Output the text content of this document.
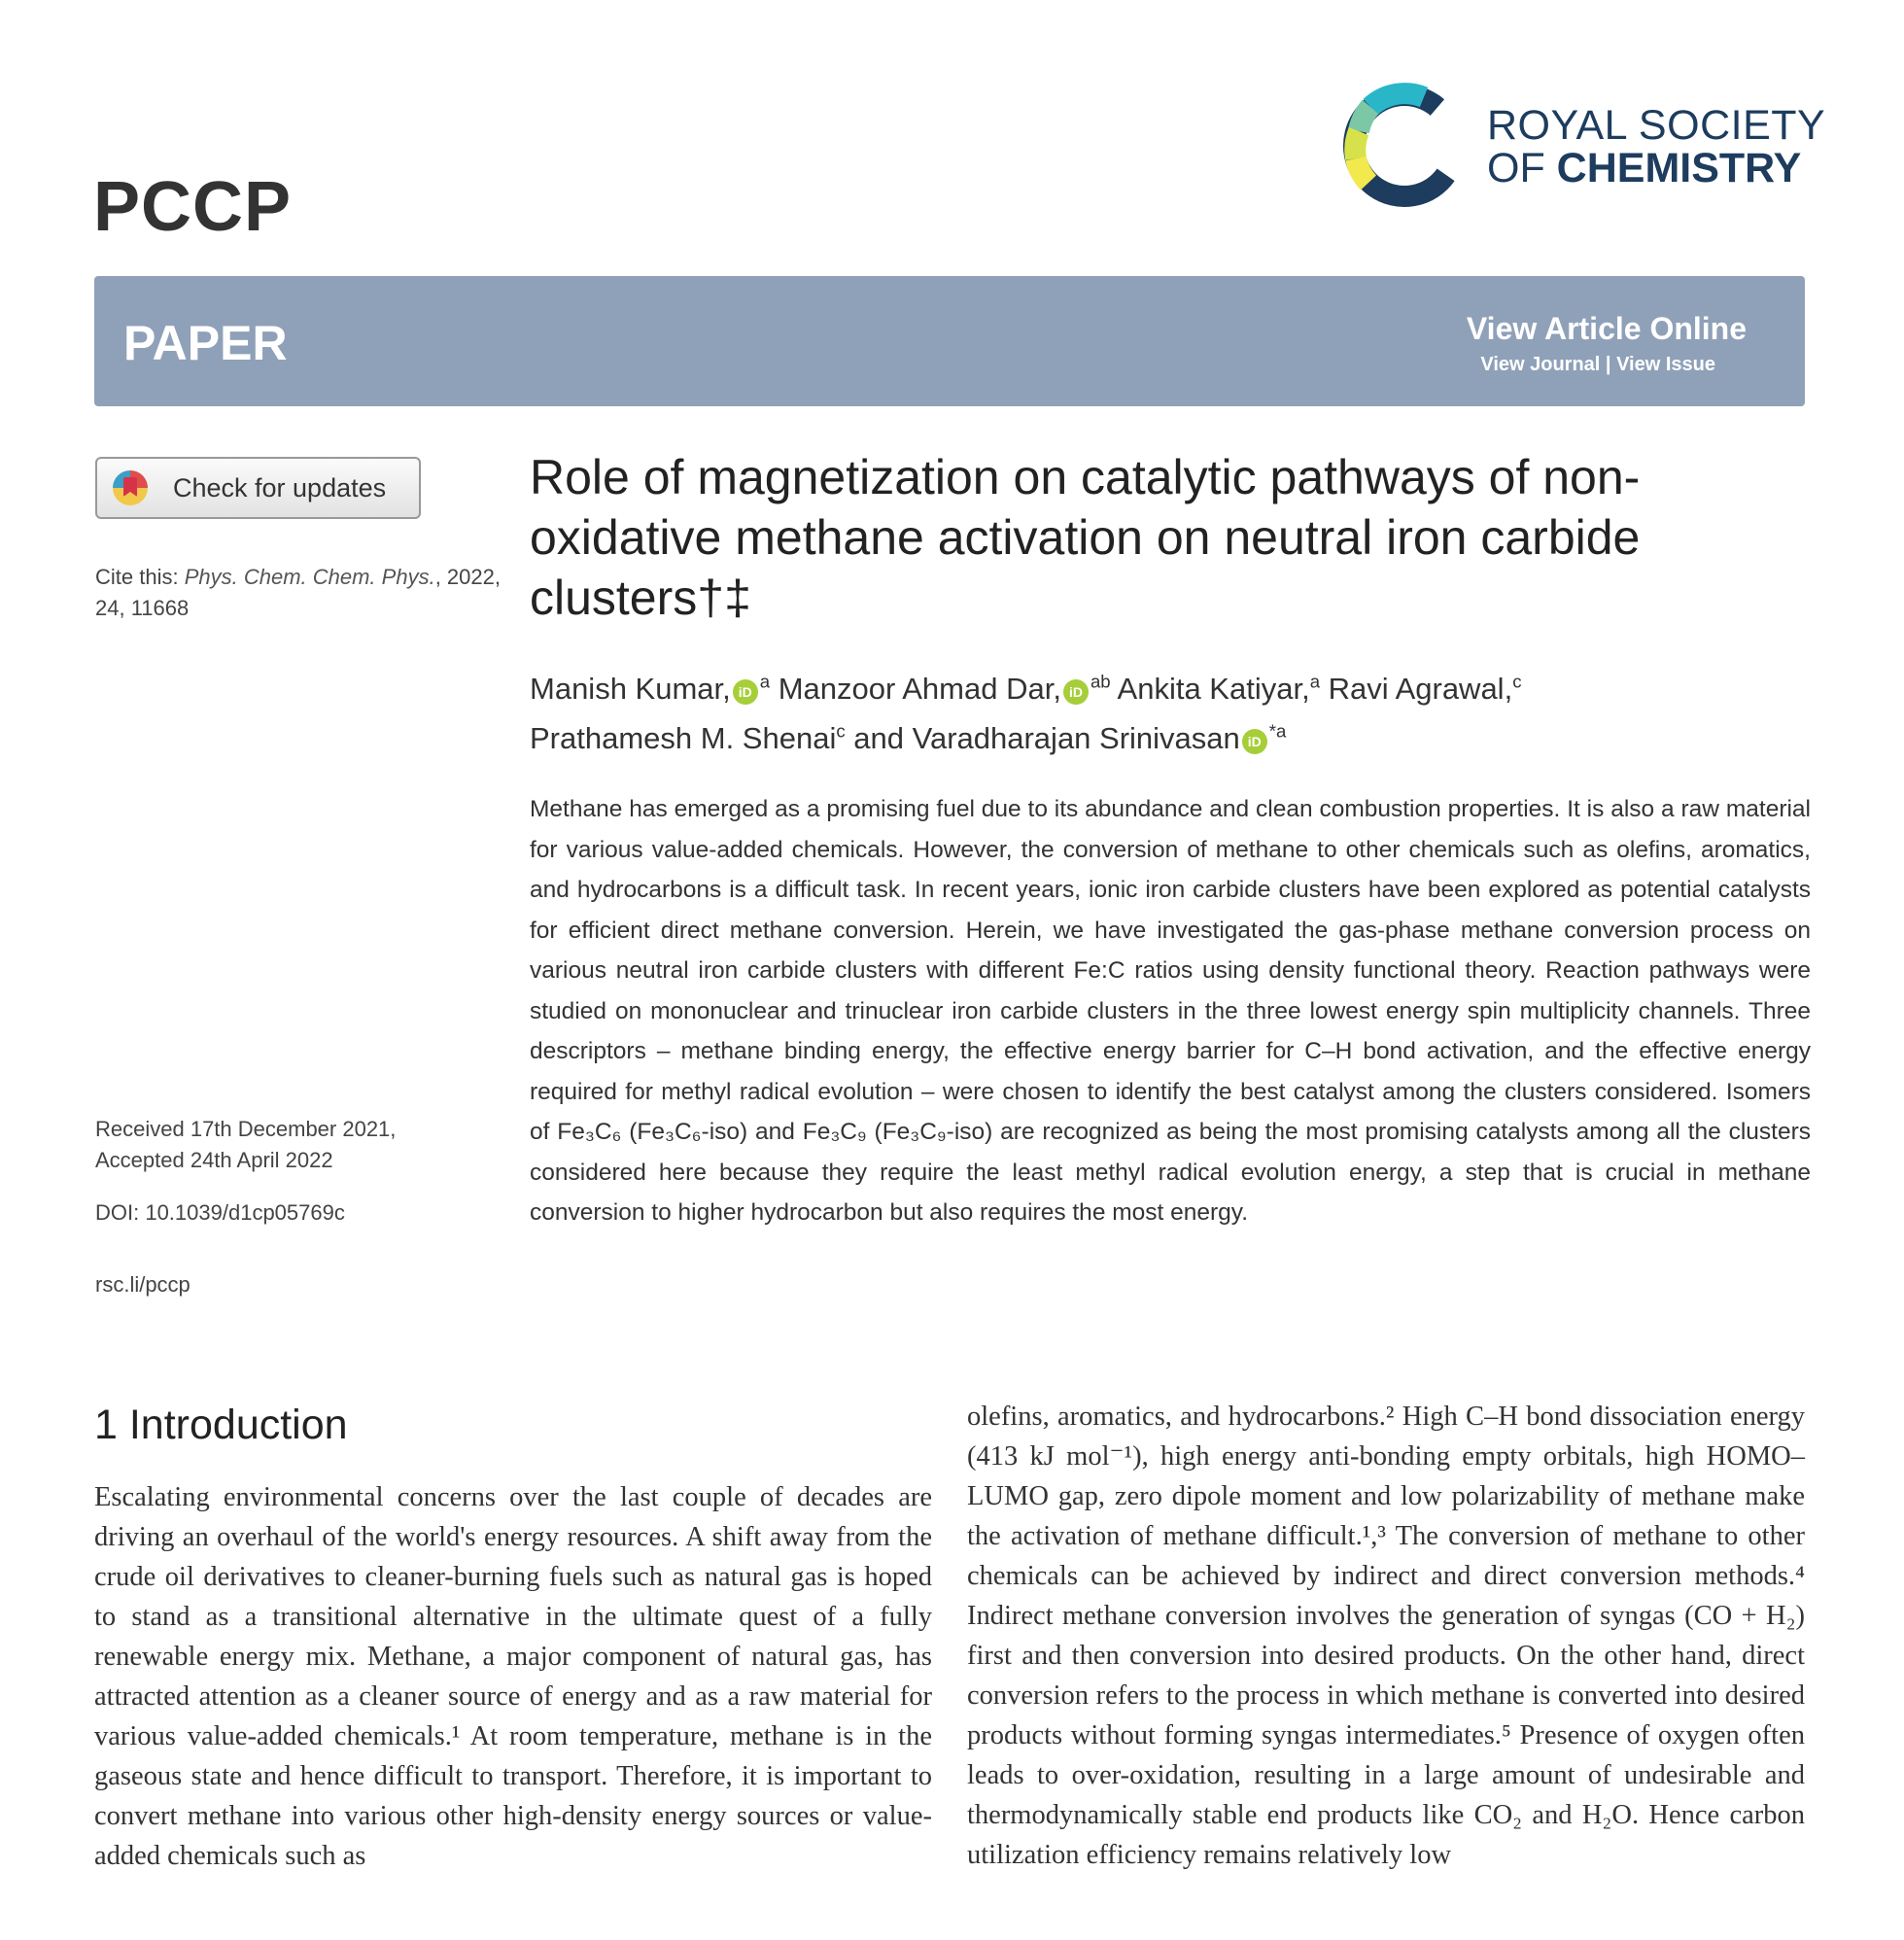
PCCP
ROYAL SOCIETY
OF CHEMISTRY
PAPER	View Article Online
View Journal | View Issue
Check for updates
Cite this: Phys. Chem. Chem. Phys., 2022, 24, 11668
Received 17th December 2021,
Accepted 24th April 2022
DOI: 10.1039/d1cp05769c
rsc.li/pccp
Role of magnetization on catalytic pathways of non-oxidative methane activation on neutral iron carbide clusters†‡
Manish Kumar, $iD^a$ Manzoor Ahmad Dar, $iD^{ab}$ Ankita Katiyar,$^a$ Ravi Agrawal,$^c$
Prathamesh M. Shenai$^c$ and Varadharajan Srinivasan $iD^{*a}$

Methane has emerged as a promising fuel due to its abundance and clean combustion properties. It is also a raw material for various value-added chemicals. However, the conversion of methane to other chemicals such as olefins, aromatics, and hydrocarbons is a difficult task. In recent years, ionic iron carbide clusters have been explored as potential catalysts for efficient direct methane conversion. Herein, we have investigated the gas-phase methane conversion process on various neutral iron carbide clusters with different Fe:C ratios using density functional theory. Reaction pathways were studied on mononuclear and trinuclear iron carbide clusters in the three lowest energy spin multiplicity channels. Three descriptors – methane binding energy, the effective energy barrier for C–H bond activation, and the effective energy required for methyl radical evolution – were chosen to identify the best catalyst among the clusters considered. Isomers of Fe₃C₆ (Fe₃C₆-iso) and Fe₃C₉ (Fe₃C₉-iso) are recognized as being the most promising catalysts among all the clusters considered here because they require the least methyl radical evolution energy, a step that is crucial in methane conversion to higher hydrocarbon but also requires the most energy.

1 Introduction

Escalating environmental concerns over the last couple of decades are driving an overhaul of the world's energy resources. A shift away from the crude oil derivatives to cleaner-burning fuels such as natural gas is hoped to stand as a transitional alternative in the ultimate quest of a fully renewable energy mix. Methane, a major component of natural gas, has attracted attention as a cleaner source of energy and as a raw material for various value-added chemicals.¹ At room temperature, methane is in the gaseous state and hence difficult to transport. Therefore, it is important to convert methane into various other high-density energy sources or value-added chemicals such as

olefins, aromatics, and hydrocarbons.² High C–H bond dissociation energy (413 kJ mol⁻¹), high energy anti-bonding empty orbitals, high HOMO–LUMO gap, zero dipole moment and low polarizability of methane make the activation of methane difficult.¹,³ The conversion of methane to other chemicals can be achieved by indirect and direct conversion methods.⁴ Indirect methane conversion involves the generation of syngas (CO + H₂) first and then conversion into desired products. On the other hand, direct conversion refers to the process in which methane is converted into desired products without forming syngas intermediates.⁵ Presence of oxygen often leads to over-oxidation, resulting in a large amount of undesirable and thermodynamically stable end products like CO₂ and H₂O. Hence carbon utilization efficiency remains relatively low
